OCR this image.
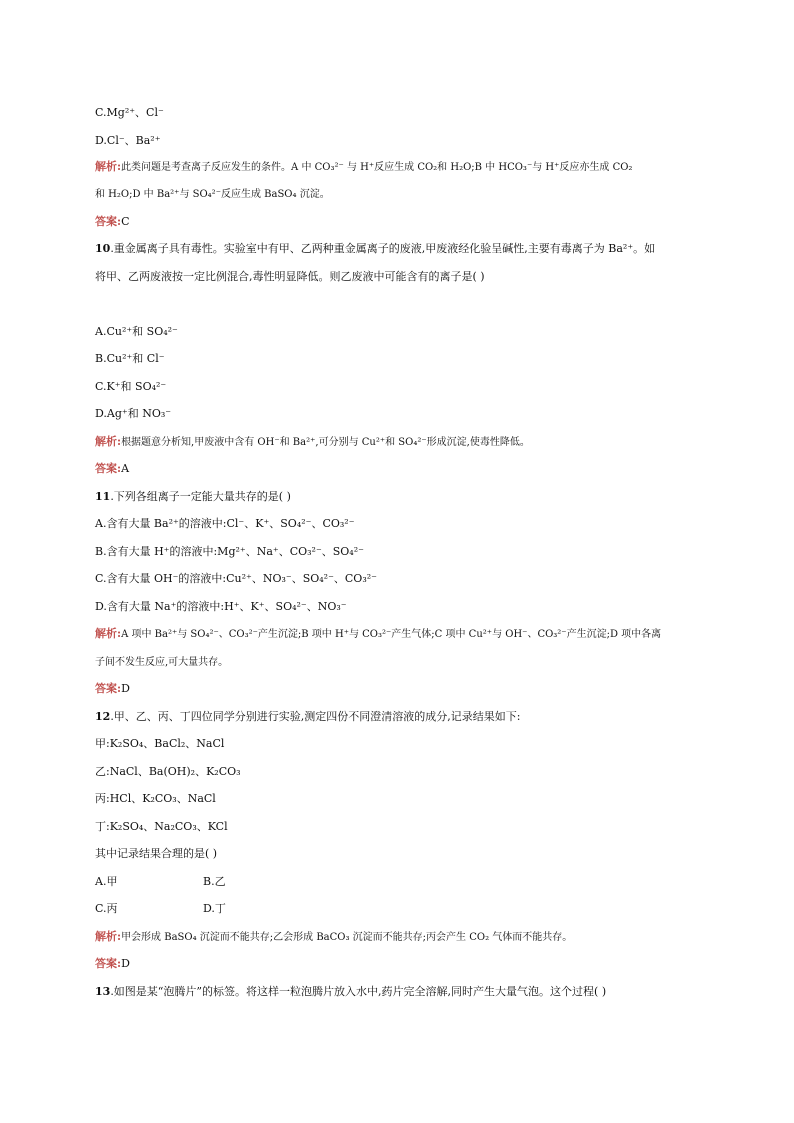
C.Mg²⁺、Cl⁻
D.Cl⁻、Ba²⁺
解析:此类问题是考查离子反应发生的条件。A 中 CO₃²⁻ 与 H⁺反应生成 CO₂和 H₂O;B 中 HCO₃⁻与 H⁺反应亦生成 CO₂
和 H₂O;D 中 Ba²⁺与 SO₄²⁻反应生成 BaSO₄ 沉淀。
答案:C
10.重金属离子具有毒性。实验室中有甲、乙两种重金属离子的废液,甲废液经化验呈碱性,主要有毒离子为 Ba²⁺。如
将甲、乙两废液按一定比例混合,毒性明显降低。则乙废液中可能含有的离子是( )
A.Cu²⁺和 SO₄²⁻
B.Cu²⁺和 Cl⁻
C.K⁺和 SO₄²⁻
D.Ag⁺和 NO₃⁻
解析:根据题意分析知,甲废液中含有 OH⁻和 Ba²⁺,可分别与 Cu²⁺和 SO₄²⁻形成沉淀,使毒性降低。
答案:A
11.下列各组离子一定能大量共存的是( )
A.含有大量 Ba²⁺的溶液中:Cl⁻、K⁺、SO₄²⁻、CO₃²⁻
B.含有大量 H⁺的溶液中:Mg²⁺、Na⁺、CO₃²⁻、SO₄²⁻
C.含有大量 OH⁻的溶液中:Cu²⁺、NO₃⁻、SO₄²⁻、CO₃²⁻
D.含有大量 Na⁺的溶液中:H⁺、K⁺、SO₄²⁻、NO₃⁻
解析:A 项中 Ba²⁺与 SO₄²⁻、CO₃²⁻产生沉淀;B 项中 H⁺与 CO₃²⁻产生气体;C 项中 Cu²⁺与 OH⁻、CO₃²⁻产生沉淀;D 项中各离
子间不发生反应,可大量共存。
答案:D
12.甲、乙、丙、丁四位同学分别进行实验,测定四份不同澄清溶液的成分,记录结果如下:
甲:K₂SO₄、BaCl₂、NaCl
乙:NaCl、Ba(OH)₂、K₂CO₃
丙:HCl、K₂CO₃、NaCl
丁:K₂SO₄、Na₂CO₃、KCl
其中记录结果合理的是( )
A.甲	B.乙
C.丙	D.丁
解析:甲会形成 BaSO₄ 沉淀而不能共存;乙会形成 BaCO₃ 沉淀而不能共存;丙会产生 CO₂ 气体而不能共存。
答案:D
13.如图是某“泡腾片”的标签。将这样一粒泡腾片放入水中,药片完全溶解,同时产生大量气泡。这个过程( )
